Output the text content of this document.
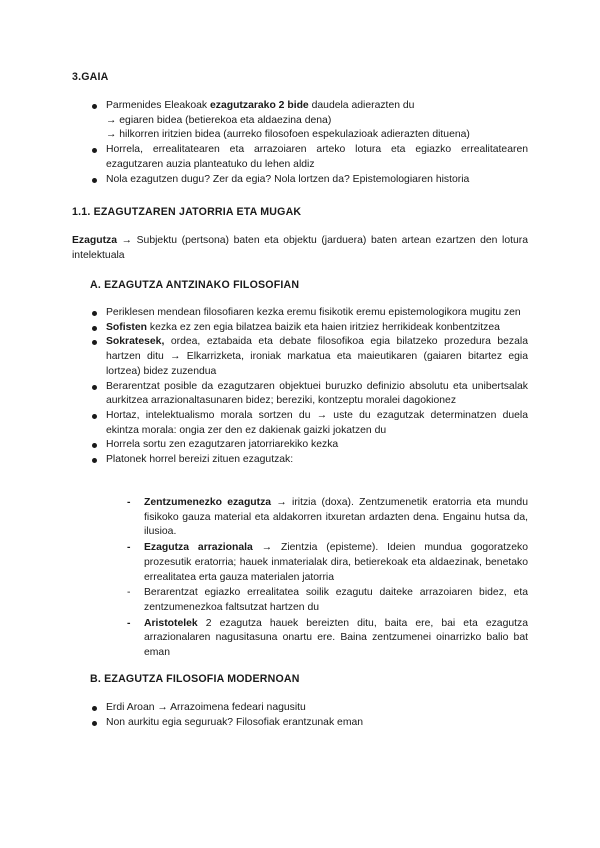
3.GAIA
Parmenides Eleakoak ezagutzarako 2 bide daudela adierazten du
→ egiaren bidea (betierekoa eta aldaezina dena)
→ hilkorren iritzien bidea (aurreko filosofoen espekulazioak adierazten dituena)
Horrela, errealitatearen eta arrazoiaren arteko lotura eta egiazko errealitatearen ezagutzaren auzia planteatuko du lehen aldiz
Nola ezagutzen dugu? Zer da egia? Nola lortzen da? Epistemologiaren historia
1.1. EZAGUTZAREN JATORRIA ETA MUGAK
Ezagutza → Subjektu (pertsona) baten eta objektu (jarduera) baten artean ezartzen den lotura intelektuala
A. EZAGUTZA ANTZINAKO FILOSOFIAN
Periklesen mendean filosofiaren kezka eremu fisikotik eremu epistemologikora mugitu zen
Sofisten kezka ez zen egia bilatzea baizik eta haien iritziez herrikideak konbentzitzea
Sokratesek, ordea, eztabaida eta debate filosofikoa egia bilatzeko prozedura bezala hartzen ditu → Elkarrizketa, ironiak markatua eta maieutikaren (gaiaren bitartez egia lortzea) bidez zuzendua
Berarentzat posible da ezagutzaren objektuei buruzko definizio absolutu eta unibertsalak aurkitzea arrazionaltasunaren bidez; bereziki, kontzeptu moralei dagokionez
Hortaz, intelektualismo morala sortzen du → uste du ezagutzak determinatzen duela ekintza morala: ongia zer den ez dakienak gaizki jokatzen du
Horrela sortu zen ezagutzaren jatorriarekiko kezka
Platonek horrel bereizi zituen ezagutzak:
- Zentzumenezko ezagutza → iritzia (doxa). Zentzumenetik eratorria eta mundu fisikoko gauza material eta aldakorren itxuretan ardazten dena. Engainu hutsa da, ilusioa.
- Ezagutza arrazionala → Zientzia (episteme). Ideien mundua gogoratzeko prozesutik eratorria; hauek inmaterialak dira, betierekoak eta aldaezinak, benetako errealitatea erta gauza materialen jatorria
- Berarentzat egiazko errealitatea soilik ezagutu daiteke arrazoiaren bidez, eta zentzumenezkoa faltsutzat hartzen du
- Aristotelek 2 ezagutza hauek bereizten ditu, baita ere, bai eta ezagutza arrazionalaren nagusitasuna onartu ere. Baina zentzumenei oinarrizko balio bat eman
B. EZAGUTZA FILOSOFIA MODERNOAN
Erdi Aroan → Arrazoimena fedeari nagusitu
Non aurkitu egia seguruak? Filosofiak erantzunak eman
